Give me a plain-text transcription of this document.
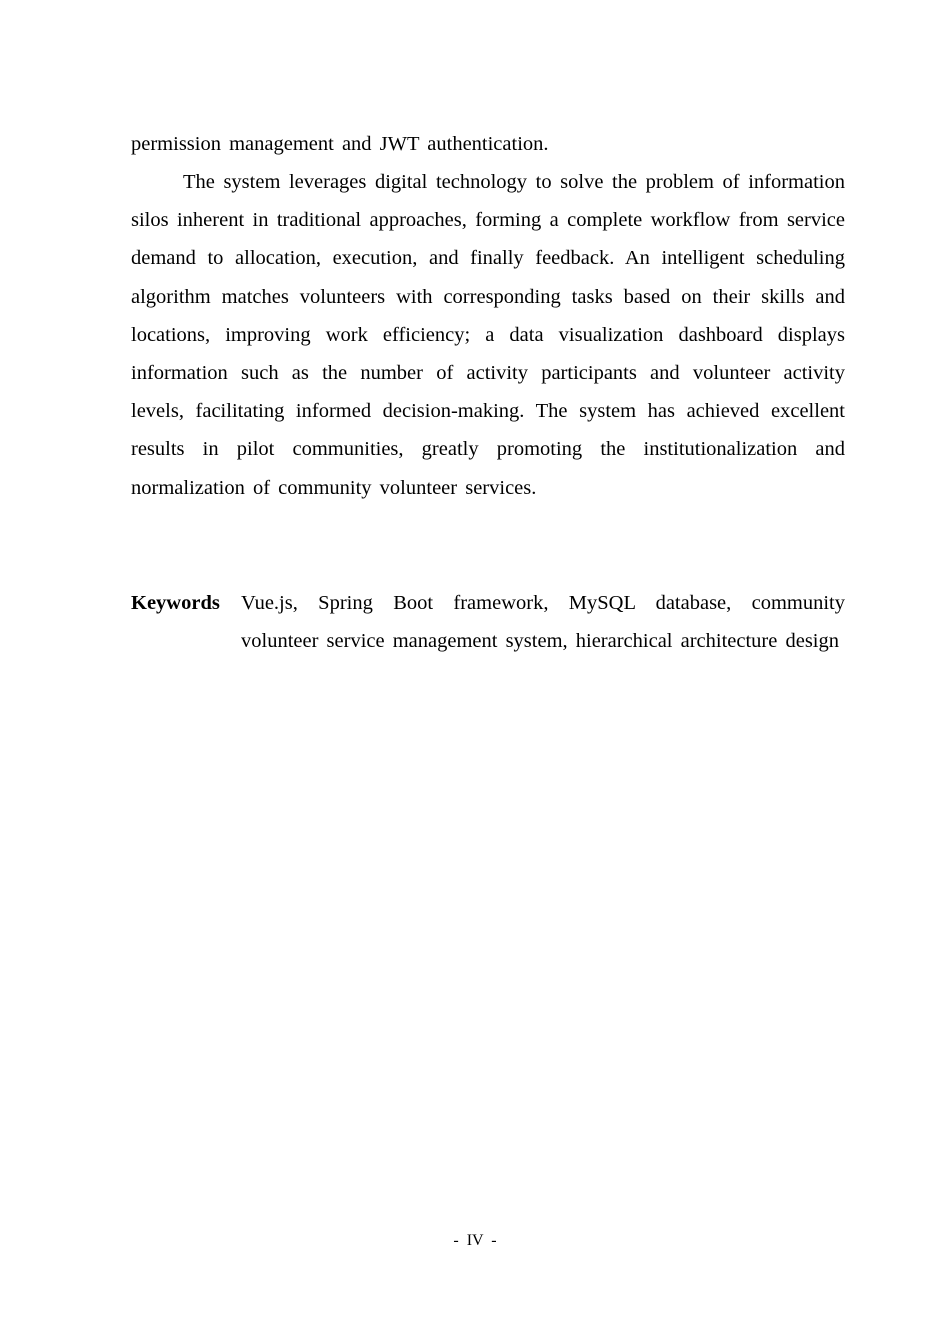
permission management and JWT authentication.

The system leverages digital technology to solve the problem of information silos inherent in traditional approaches, forming a complete workflow from service demand to allocation, execution, and finally feedback. An intelligent scheduling algorithm matches volunteers with corresponding tasks based on their skills and locations, improving work efficiency; a data visualization dashboard displays information such as the number of activity participants and volunteer activity levels, facilitating informed decision-making. The system has achieved excellent results in pilot communities, greatly promoting the institutionalization and normalization of community volunteer services.

Keywords	Vue.js, Spring Boot framework, MySQL database, community volunteer service management system, hierarchical architecture design
- IV -
